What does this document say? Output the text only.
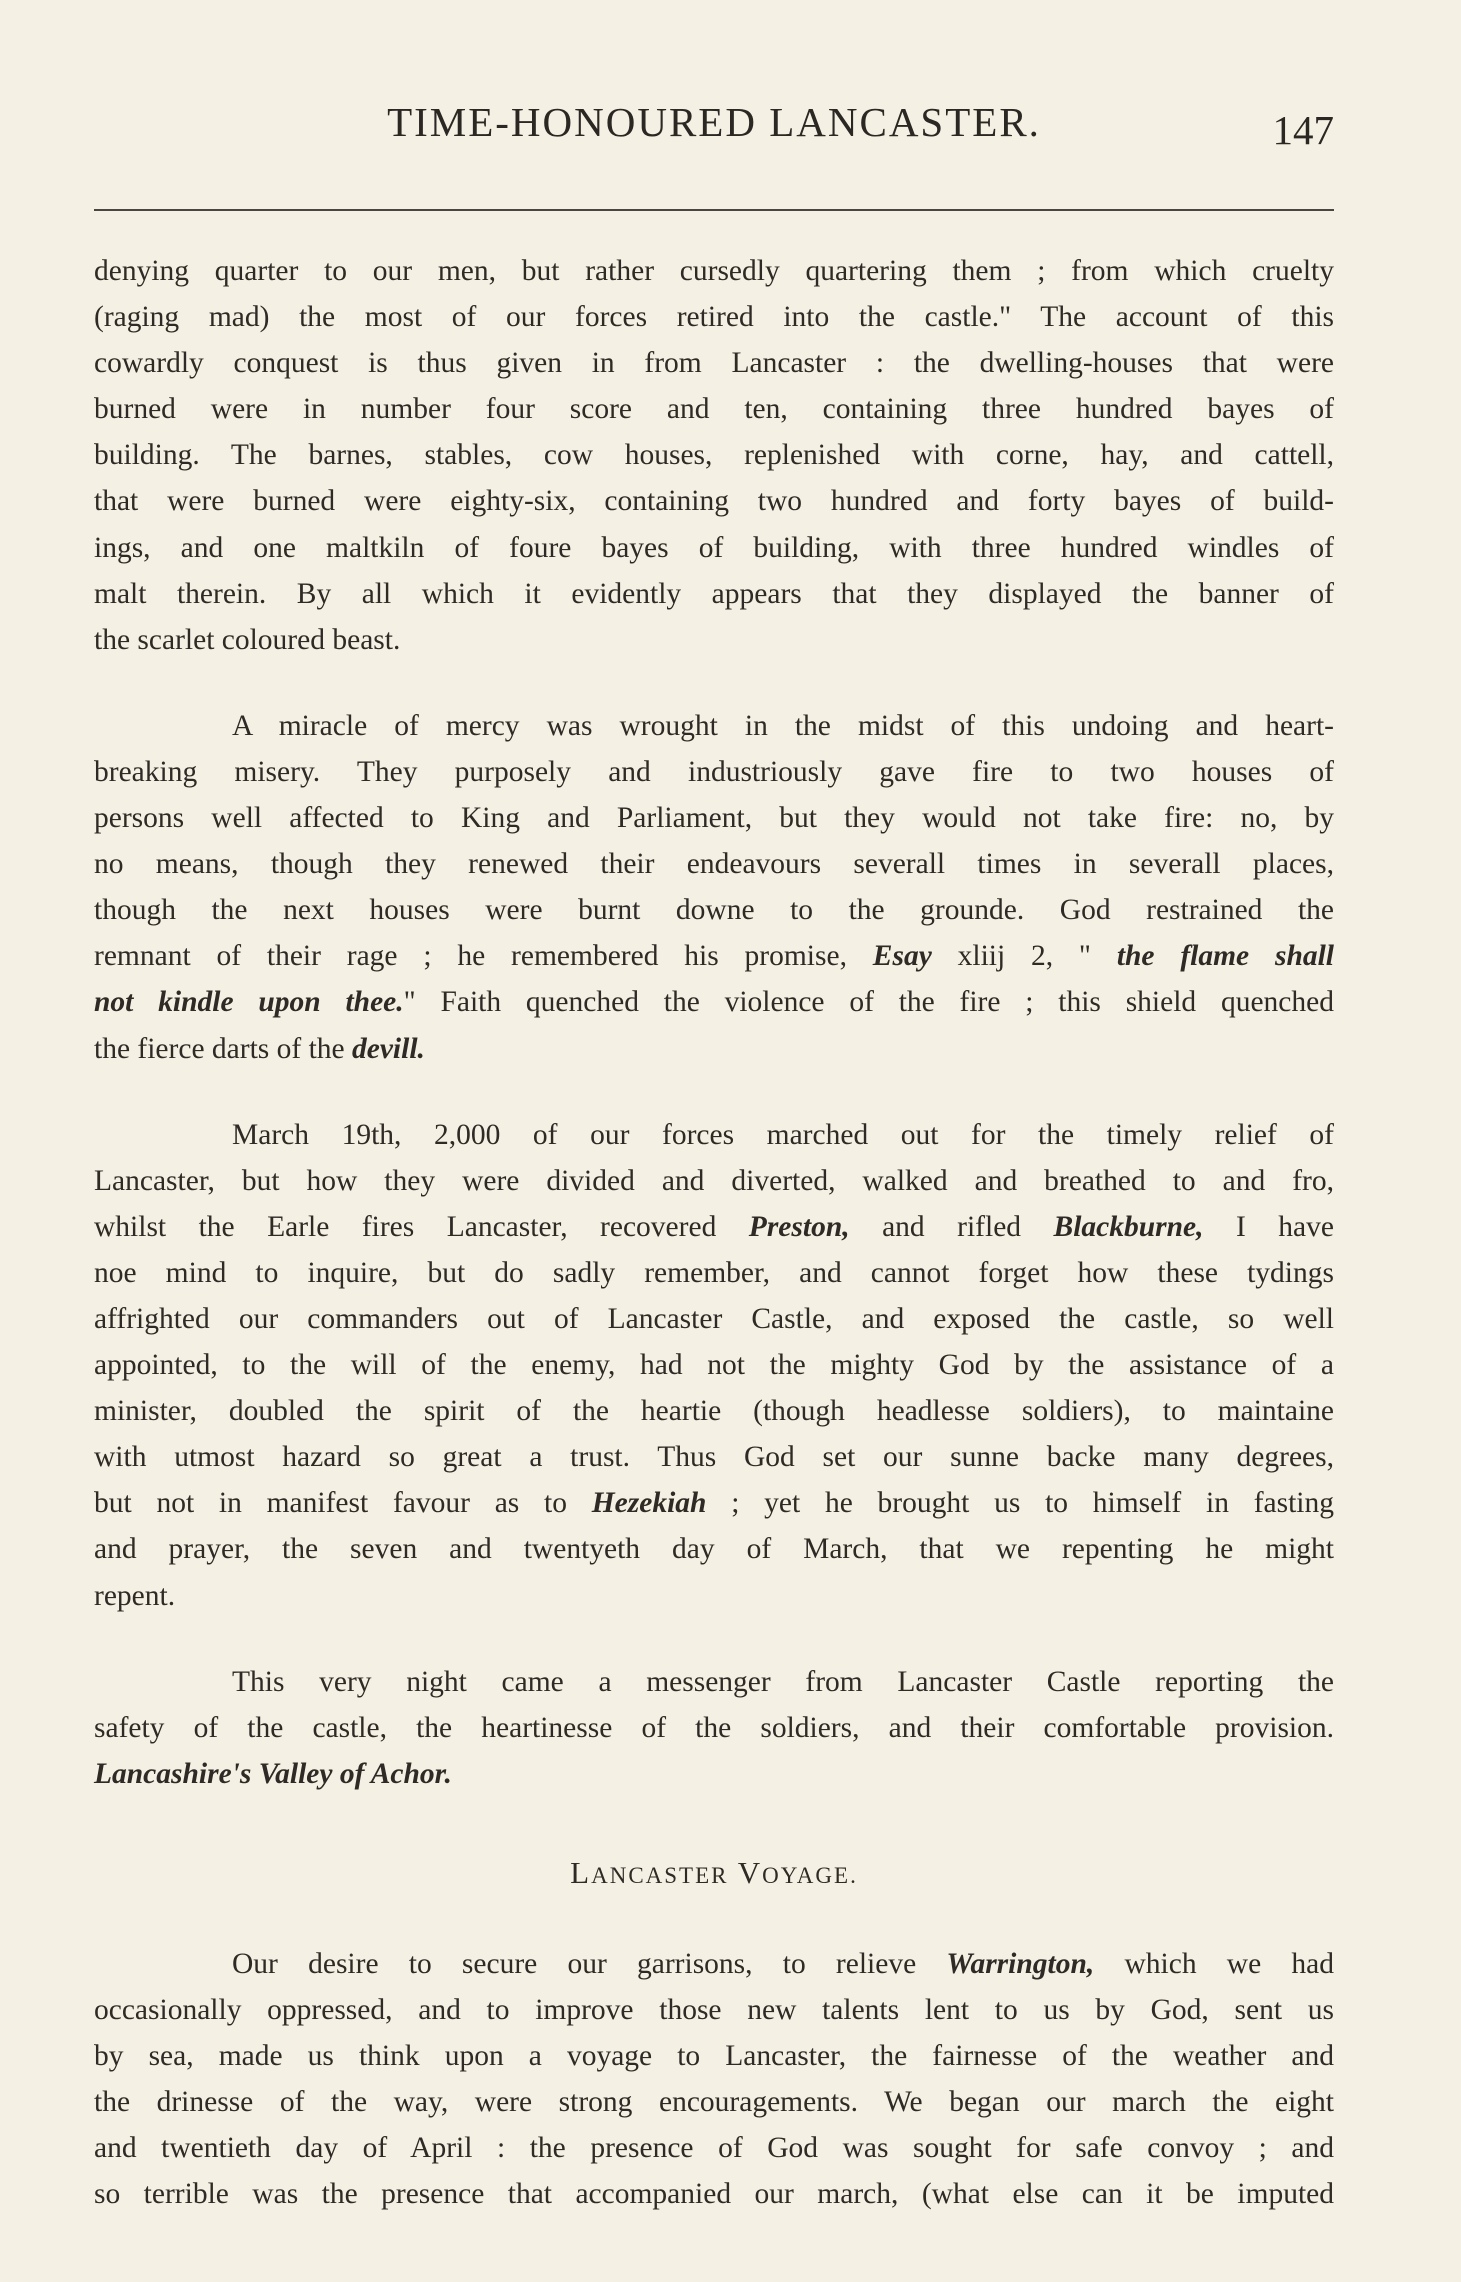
TIME-HONOURED LANCASTER.	147

denying quarter to our men, but rather cursedly quartering them ; from which cruelty
(raging mad) the most of our forces retired into the castle." The account of this
cowardly conquest is thus given in from Lancaster : the dwelling-houses that were
burned were in number four score and ten, containing three hundred bayes of
building. The barnes, stables, cow houses, replenished with corne, hay, and cattell,
that were burned were eighty-six, containing two hundred and forty bayes of build-
ings, and one maltkiln of foure bayes of building, with three hundred windles of
malt therein. By all which it evidently appears that they displayed the banner of
the scarlet coloured beast.

A miracle of mercy was wrought in the midst of this undoing and heart-
breaking misery. They purposely and industriously gave fire to two houses of
persons well affected to King and Parliament, but they would not take fire: no, by
no means, though they renewed their endeavours severall times in severall places,
though the next houses were burnt downe to the grounde. God restrained the
remnant of their rage ; he remembered his promise, Esay xliij 2, " the flame shall
not kindle upon thee." Faith quenched the violence of the fire ; this shield quenched
the fierce darts of the devill.

March 19th, 2,000 of our forces marched out for the timely relief of
Lancaster, but how they were divided and diverted, walked and breathed to and fro,
whilst the Earle fires Lancaster, recovered Preston, and rifled Blackburne, I have
noe mind to inquire, but do sadly remember, and cannot forget how these tydings
affrighted our commanders out of Lancaster Castle, and exposed the castle, so well
appointed, to the will of the enemy, had not the mighty God by the assistance of a
minister, doubled the spirit of the heartie (though headlesse soldiers), to maintaine
with utmost hazard so great a trust. Thus God set our sunne backe many degrees,
but not in manifest favour as to Hezekiah ; yet he brought us to himself in fasting
and prayer, the seven and twentyeth day of March, that we repenting he might
repent.

This very night came a messenger from Lancaster Castle reporting the
safety of the castle, the heartinesse of the soldiers, and their comfortable provision.
Lancashire's Valley of Achor.

LANCASTER VOYAGE.

Our desire to secure our garrisons, to relieve Warrington, which we had
occasionally oppressed, and to improve those new talents lent to us by God, sent us
by sea, made us think upon a voyage to Lancaster, the fairnesse of the weather and
the drinesse of the way, were strong encouragements. We began our march the eight
and twentieth day of April : the presence of God was sought for safe convoy ; and
so terrible was the presence that accompanied our march, (what else can it be imputed
